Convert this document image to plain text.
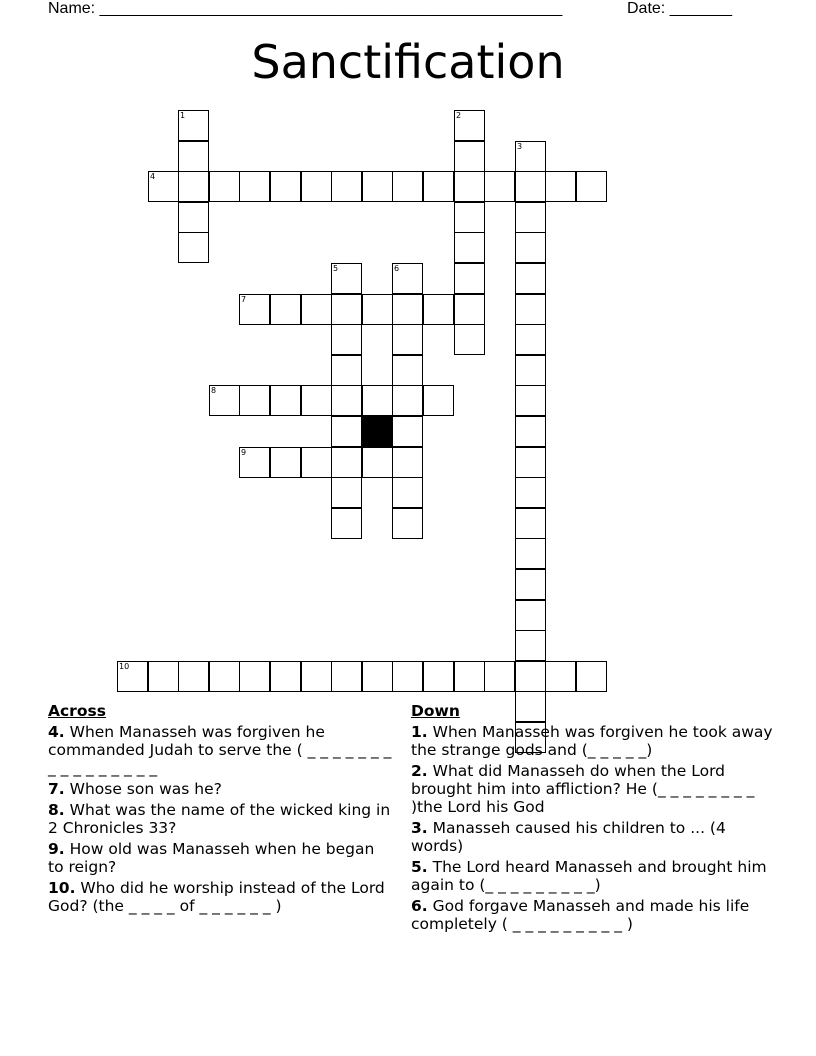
Name: ____________________________________________________	Date: _______
Sanctification
1	2
3
4
5	6
7
8
9
10
Across
4. When Manasseh was forgiven he commanded Judah to serve the ( _ _ _ _ _ _ _ _ _ _ _ _ _ _ _ _
7. Whose son was he?
8. What was the name of the wicked king in 2 Chronicles 33?
9. How old was Manasseh when he began to reign?
10. Who did he worship instead of the Lord God? (the _ _ _ _ of _ _ _ _ _ _ )
Down
1. When Manasseh was forgiven he took away the strange gods and (_ _ _ _ _)
2. What did Manasseh do when the Lord brought him into affliction? He (_ _ _ _ _ _ _ _ )the Lord his God
3. Manasseh caused his children to ... (4 words)
5. The Lord heard Manasseh and brought him again to (_ _ _ _ _ _ _ _ _)
6. God forgave Manasseh and made his life completely ( _ _ _ _ _ _ _ _ _ )
